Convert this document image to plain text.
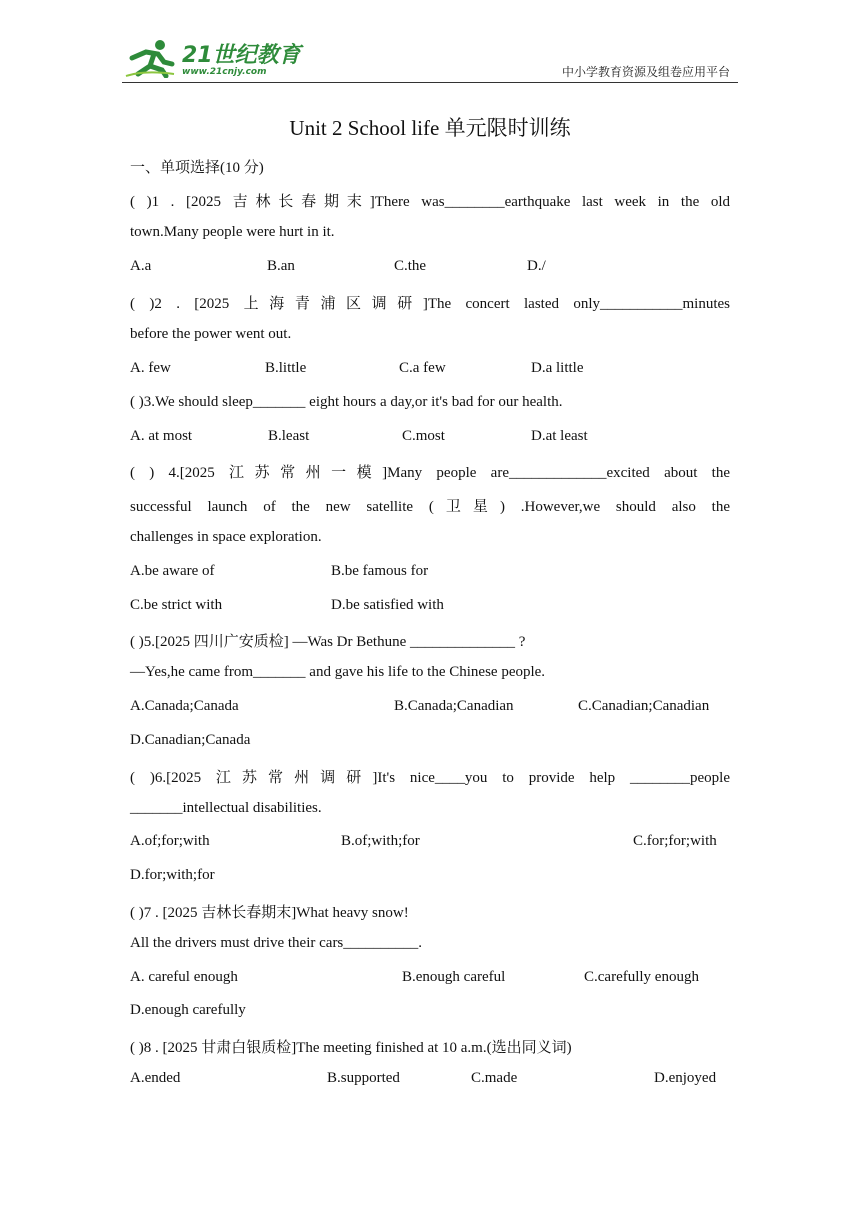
21世纪教育
www.21cnjy.com	中小学教育资源及组卷应用平台
Unit 2 School life 单元限时训练
一、单项选择(10 分)
( )1 . [2025 吉林长春期末]There was________earthquake last week in the old
town.Many people were hurt in it.
A.a	B.an	C.the	D./
( )2 . [2025 上海青浦区调研]The concert lasted only___________minutes
before the power went out.
A. few	B.little	C.a few	D.a little
( )3.We should sleep_______ eight hours a day,or it's bad for our health.
A. at most	B.least	C.most	D.at least
( ) 4.[2025 江苏常州一模]Many people are_____________excited about the
successful launch of the new satellite (卫星) .However,we should also the
challenges in space exploration.
A.be aware of	B.be famous for
C.be strict with	D.be satisfied with
( )5.[2025 四川广安质检] —Was Dr Bethune ______________ ?
—Yes,he came from_______ and gave his life to the Chinese people.
A.Canada;Canada	B.Canada;Canadian	C.Canadian;Canadian
D.Canadian;Canada
( )6.[2025 江苏常州调研]It's nice____you to provide help ________people
_______intellectual disabilities.
A.of;for;with	B.of;with;for	C.for;for;with
D.for;with;for
( )7 . [2025 吉林长春期末]What heavy snow!
All the drivers must drive their cars__________.
A. careful enough	B.enough careful	C.carefully enough
D.enough carefully
( )8 . [2025 甘肃白银质检]The meeting finished at 10 a.m.(选出同义词)
A.ended	B.supported	C.made	D.enjoyed
